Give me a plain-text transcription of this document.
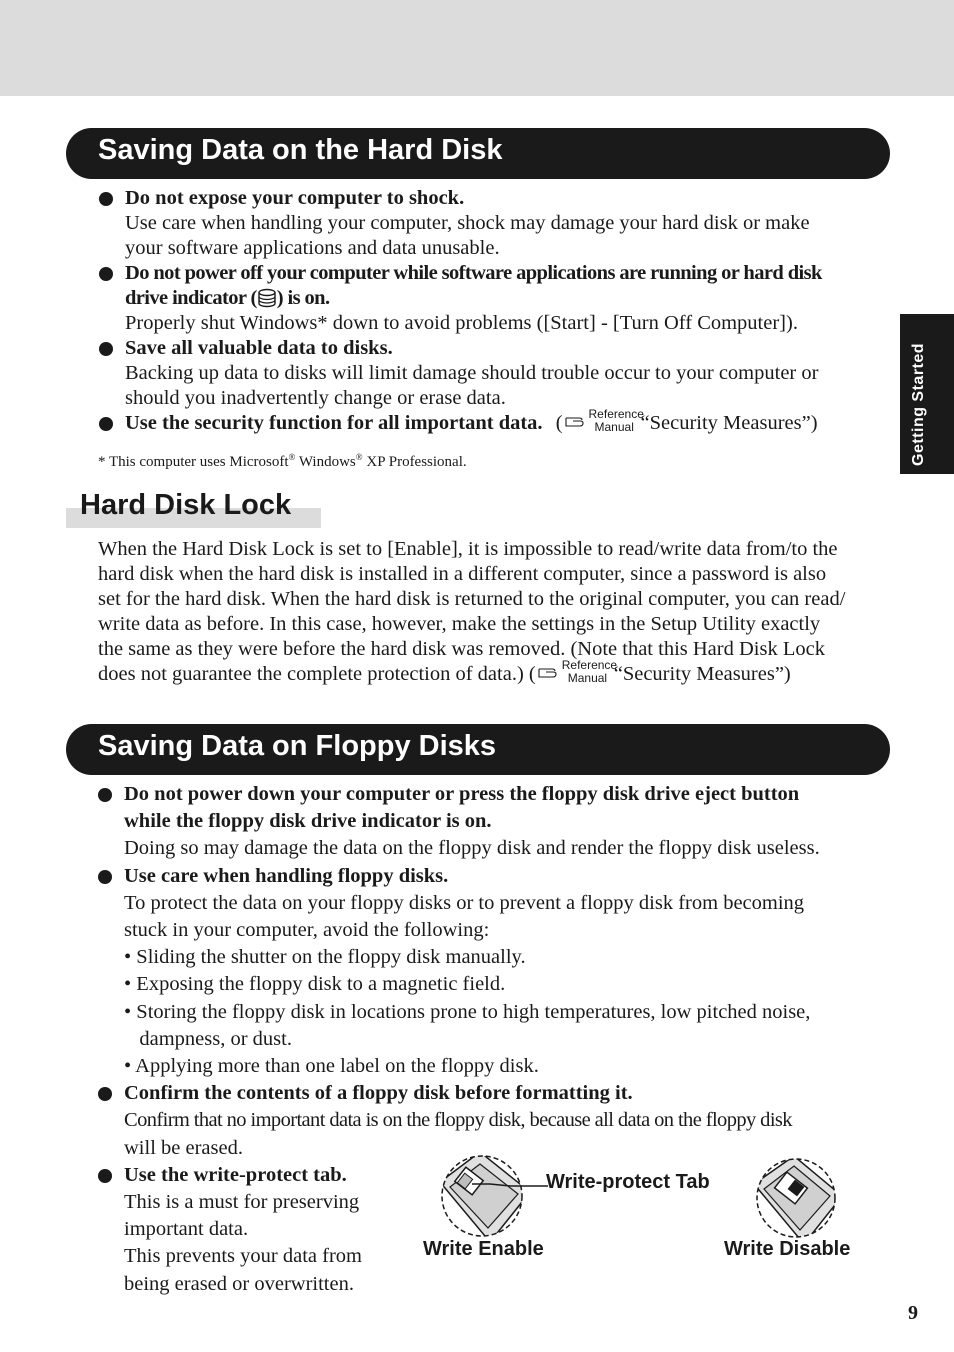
Getting Started
Saving Data on the Hard Disk
Do not expose your computer to shock.
Use care when handling your computer, shock may damage your hard disk or make
your software applications and data unusable.
Do not power off your computer while software applications are running or hard disk
drive indicator ( ) is on.
Properly shut Windows* down to avoid problems ([Start] - [Turn Off Computer]).
Save all valuable data to disks.
Backing up data to disks will limit damage should trouble occur to your computer or
should you inadvertently change or erase data.
Use the security function for all important data. ( Reference
Manual “Security Measures”)
* This computer uses Microsoft® Windows® XP Professional.
Hard Disk Lock
When the Hard Disk Lock is set to [Enable], it is impossible to read/write data from/to the
hard disk when the hard disk is installed in a different computer, since a password is also
set for the hard disk. When the hard disk is returned to the original computer, you can read/
write data as before. In this case, however, make the settings in the Setup Utility exactly
the same as they were before the hard disk was removed. (Note that this Hard Disk Lock
does not guarantee the complete protection of data.) ( Reference
Manual “Security Measures”)
Saving Data on Floppy Disks
Do not power down your computer or press the floppy disk drive eject button
while the floppy disk drive indicator is on.
Doing so may damage the data on the floppy disk and render the floppy disk useless.
Use care when handling floppy disks.
To protect the data on your floppy disks or to prevent a floppy disk from becoming
stuck in your computer, avoid the following:
• Sliding the shutter on the floppy disk manually.
• Exposing the floppy disk to a magnetic field.
• Storing the floppy disk in locations prone to high temperatures, low pitched noise,
dampness, or dust.
• Applying more than one label on the floppy disk.
Confirm the contents of a floppy disk before formatting it.
Confirm that no important data is on the floppy disk, because all data on the floppy disk
will be erased.
Use the write-protect tab.
This is a must for preserving
important data.
This prevents your data from
being erased or overwritten.
Write-protect Tab
Write Enable	Write Disable
9
